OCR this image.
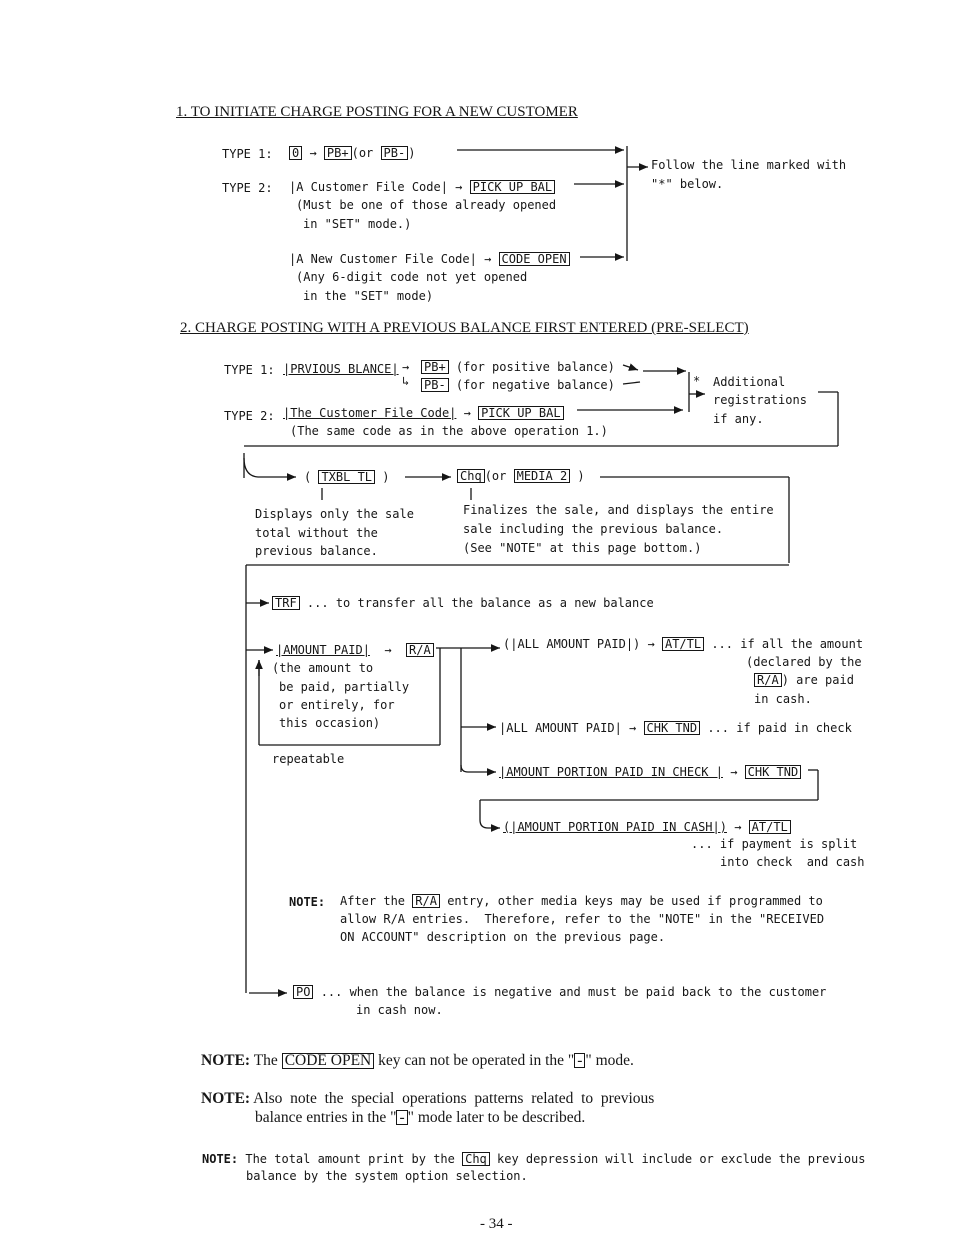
1. TO INITIATE CHARGE POSTING FOR A NEW CUSTOMER
TYPE 1: 0 → PB+ (or PB- )
TYPE 2: |A Customer File Code| → PICK UP BAL
(Must be one of those already opened
in "SET" mode.)
|A New Customer File Code| → CODE OPEN
(Any 6-digit code not yet opened
in the "SET" mode)
Follow the line marked with
"*" below.
2. CHARGE POSTING WITH A PREVIOUS BALANCE FIRST ENTERED (PRE-SELECT)
TYPE 1: |PRVIOUS BLANCE| →
↳
PB+ (for positive balance)
PB- (for negative balance)
TYPE 2: |The Customer File Code| → PICK UP BAL
(The same code as in the above operation 1.)
* Additional
registrations
if any.
( TXBL TL )	Chq (or MEDIA 2 )
Displays only the sale
total without the
previous balance.
Finalizes the sale, and displays the entire
sale including the previous balance.
(See "NOTE" at this page bottom.)
TRF ... to transfer all the balance as a new balance
|AMOUNT PAID|  →  R/A
(the amount to
be paid, partially
or entirely, for
this occasion)
repeatable
(|ALL AMOUNT PAID|) → AT/TL ... if all the amount
(declared by the
R/A ) are paid
in cash.
|ALL AMOUNT PAID| → CHK TND ... if paid in check
|AMOUNT PORTION PAID IN CHECK | → CHK TND
(|AMOUNT PORTION PAID IN CASH|) → AT/TL
... if payment is split
into check  and cash
NOTE: After the R/A entry, other media keys may be used if programmed to
allow R/A entries.  Therefore, refer to the "NOTE" in the "RECEIVED
ON ACCOUNT" description on the previous page.
PO ... when the balance is negative and must be paid back to the customer
in cash now.
NOTE: The CODE OPEN key can not be operated in the " - " mode.
NOTE: Also  note  the  special  operations  patterns  related  to  previous
balance entries in the " - " mode later to be described.
NOTE: The total amount print by the Chq key depression will include or exclude the previous
balance by the system option selection.
- 34 -
